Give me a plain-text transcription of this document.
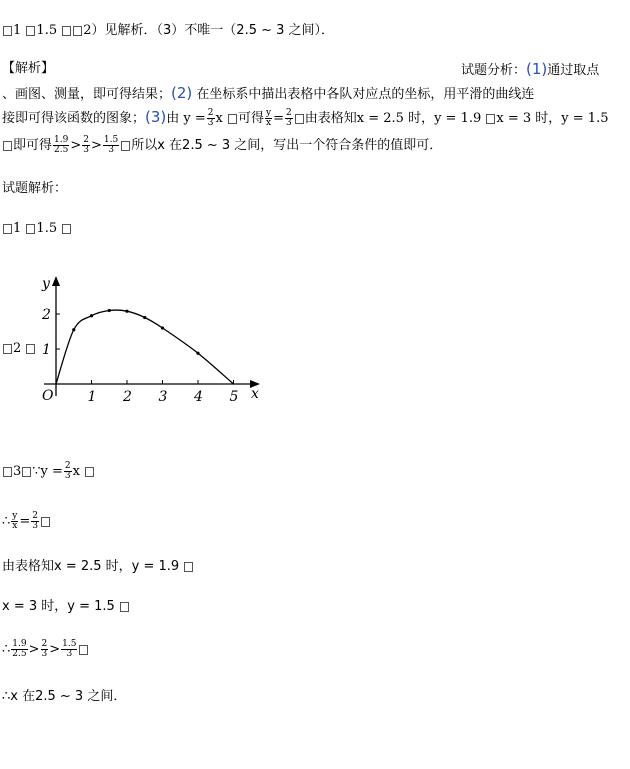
1 1.5 2）见解析．（3）不唯一（2.5 ~ 3 之间）．
【解析】	试题分析：(1)通过取点
、画图、测量，即可得结果；(2) 在坐标系中描出表格中各队对应点的坐标，用平滑的曲线连
接即可得该函数的图象；(3)由 $y = \frac{2}{3}$ x 可得 $\frac{y}{x} = \frac{2}{3}$ 由表格知x = 2.5 时，y = 1.9 x = 3 时，y = 1.5
即可得 $\frac{1.9}{2.5} > \frac{2}{3} > \frac{1.5}{3}$ 所以x 在2.5 ~ 3 之间，写出一个符合条件的值即可．
试题解析：
1 1.5
2
x
y
O 1 2 3 4 5
1
2
3 ∵y = $\frac{2}{3}$ x
∴ $\frac{y}{x} = \frac{2}{3}$
由表格知x = 2.5 时，y = 1.9
x = 3 时，y = 1.5
∴ $\frac{1.9}{2.5} > \frac{2}{3} > \frac{1.5}{3}$
∴x 在2.5 ~ 3 之间．
